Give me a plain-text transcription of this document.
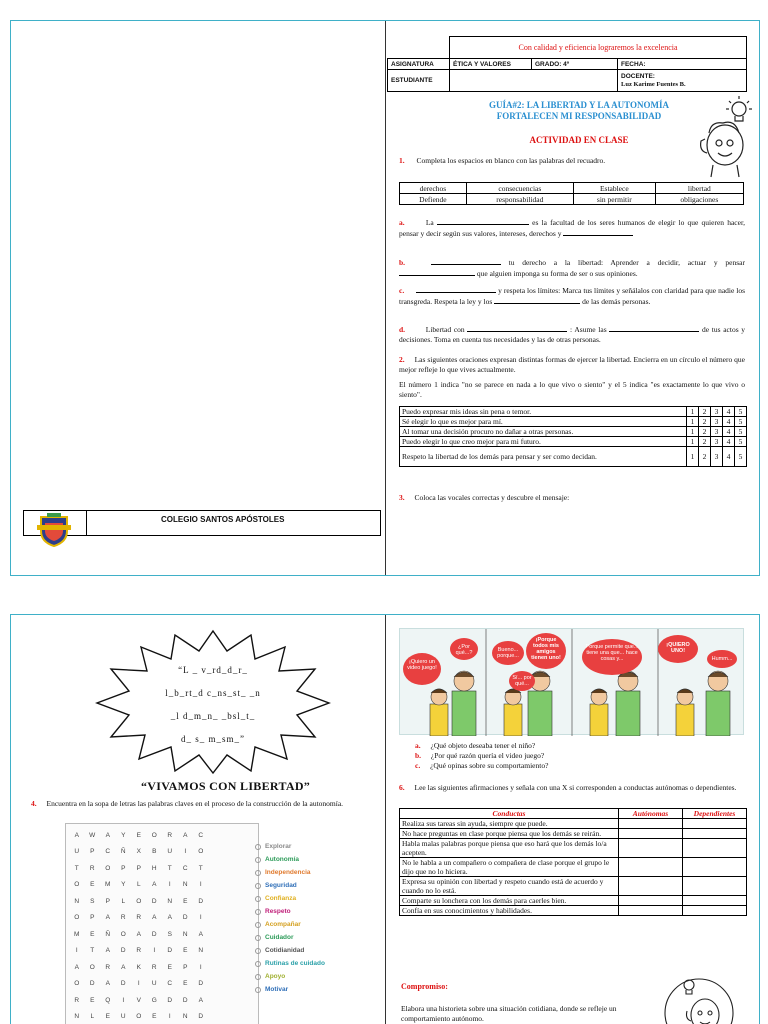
	Con calidad y eficiencia lograremos la excelencia		
ASIGNATURA	ÉTICA Y VALORES	GRADO: 4º	FECHA:
ESTUDIANTE			DOCENTE:
Luz Karime Fuentes B.
GUÍA#2: LA LIBERTAD Y LA AUTONOMÍA
FORTALECEN MI RESPONSABILIDAD
ACTIVIDAD EN CLASE
1. Completa los espacios en blanco con las palabras del recuadro.
derechos	consecuencias	Establece	libertad
Defiende	responsabilidad	sin permitir	obligaciones
a.	La	es la facultad de los seres humanos de elegir lo que quieren hacer, pensar y decir según sus valores, intereses, derechos y
b.	tu derecho a la libertad: Aprender a decidir, actuar y pensar  que alguien imponga su forma de ser o sus opiniones.
c.	y respeta los límites: Marca tus límites y señálalos con claridad para que nadie los transgreda. Respeta la ley y los	de las demás personas.
d.	Libertad con	: Asume las	de tus actos y decisiones. Toma en cuenta tus necesidades y las de otras personas.
2. Las siguientes oraciones expresan distintas formas de ejercer la libertad. Encierra en un círculo el número que mejor refleje lo que vives actualmente.
El número 1 indica "no se parece en nada a lo que vivo o siento" y el 5 indica "es exactamente lo que vivo o siento".
Puedo expresar mis ideas sin pena o temor.	1	2	3	4	5
Sé elegir lo que es mejor para mí.	1	2	3	4	5
Al tomar una decisión procuro no dañar a otras personas.	1	2	3	4	5
Puedo elegir lo que creo mejor para mi futuro.	1	2	3	4	5
Respeto la libertad de los demás para pensar y ser como decidan.	1	2	3	4	5
3. Coloca las vocales correctas y descubre el mensaje:
COLEGIO SANTOS APÓSTOLES
“L _ v_rd_d_r_
l_b_rt_d c_ns_st_ _n
_l d_m_n_ _bsl_t_
d_ s_ m_sm_”
“VIVAMOS CON LIBERTAD”
4. Encuentra en la sopa de letras las palabras claves en el proceso de la construcción de la autonomía.
A	W	A	Y	E	O	R	A	C
U	P	C	Ñ	X	B	U	I	O
T	R	O	P	P	H	T	C	T
O	E	M	Y	L	A	I	N	I
N	S	P	L	O	D	N	E	D
O	P	A	R	R	A	A	D	I
M	E	Ñ	O	A	D	S	N	A
I	T	A	D	R	I	D	E	N
A	O	R	A	K	R	E	P	I
O	D	A	D	I	U	C	E	D
R	E	Q	I	V	G	D	D	A
N	L	E	U	O	E	I	N	D
Explorar
Autonomía
Independencia
Seguridad
Confianza
Respeto
Acompañar
Cuidador
Cotidianidad
Rutinas de cuidado
Apoyo
Motivar
¡Quiero un video juego!
¿Por qué...?	Bueno... porque...
¡Porque todos mis amigos tienen uno!
Sí... por qué...
Porque permite que... tiene una que... hace cosas y...
¡QUIERO UNO!
Humm...
a. ¿Qué objeto deseaba tener el niño?
b. ¿Por qué razón quería el video juego?
c. ¿Qué opinas sobre su comportamiento?
6. Lee las siguientes afirmaciones y señala con una X si corresponden a conductas autónomas o dependientes.
Conductas	Autónomas	Dependientes
Realiza sus tareas sin ayuda, siempre que puede.		
No hace preguntas en clase porque piensa que los demás se reirán.		
Habla malas palabras porque piensa que eso hará que los demás lo/a acepten.		
No le habla a un compañero o compañera de clase porque el grupo le dijo que no lo hiciera.		
Expresa su opinión con libertad y respeto cuando está de acuerdo y cuando no lo está.		
Comparte su lonchera con los demás para caerles bien.		
Confía en sus conocimientos y habilidades.		
Compromiso:
Elabora una historieta sobre una situación cotidiana, donde se refleje un comportamiento autónomo.
